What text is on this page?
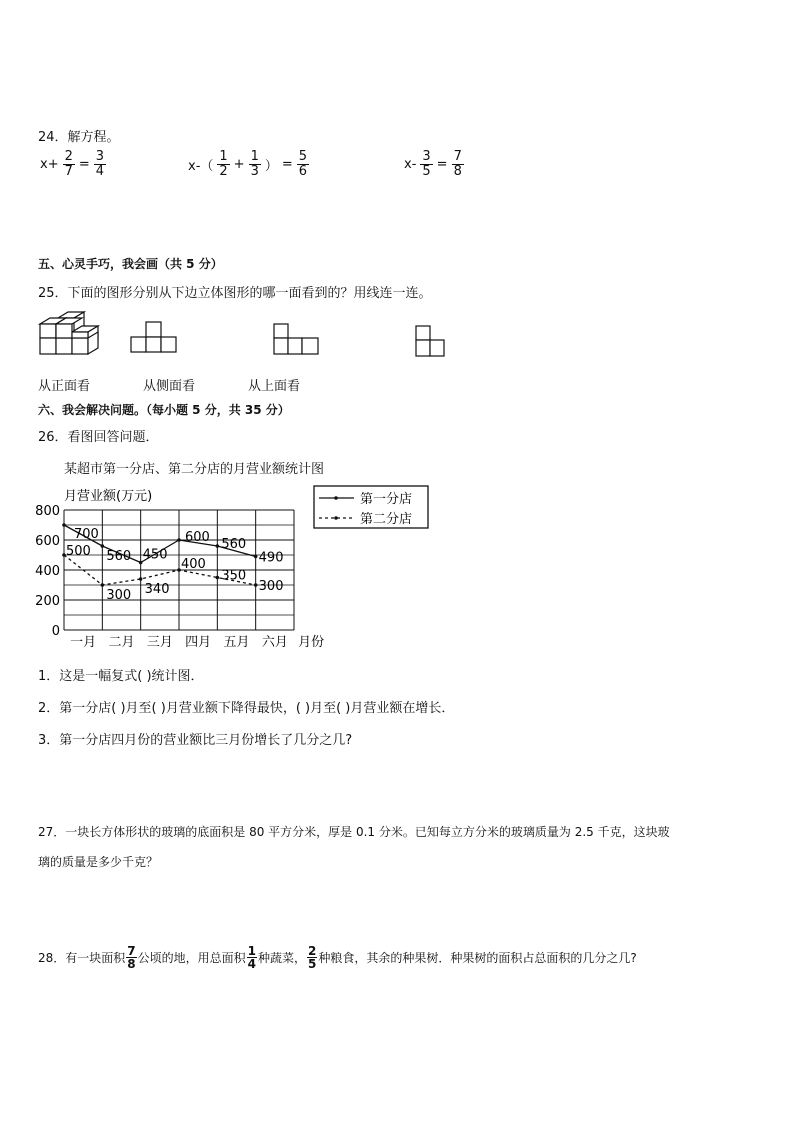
24．解方程。
$x+ \frac{2}{7} = \frac{3}{4}$	$x-( \frac{1}{2} + \frac{1}{3}$ ） = $\frac{5}{6}$	$x- \frac{3}{5} = \frac{7}{8}$
五、心灵手巧，我会画（共 5 分）
25．下面的图形分别从下边立体图形的哪一面看到的？用线连一连。
从正面看	从侧面看	从上面看
六、我会解决问题。（每小题 5 分，共 35 分）
26．看图回答问题．
某超市第一分店、第二分店的月营业额统计图
0
200
400
600
800
月营业额(万元)
一月 二月 三月 四月 五月 六月 月份
700
560 450
600 560
490
500
300 340
400
350
300
第一分店
第二分店
1．这是一幅复式( )统计图．
2．第一分店( )月至( )月营业额下降得最快，( )月至( )月营业额在增长．
3．第一分店四月份的营业额比三月份增长了几分之几?
27．一块长方体形状的玻璃的底面积是 80 平方分米，厚是 0.1 分米。已知每立方分米的玻璃质量为 2.5 千克，这块玻
璃的质量是多少千克？
28．有一块面积 $\frac{7}{8}$ 公顷的地，用总面积 $\frac{1}{4}$ 种蔬菜， $\frac{2}{5}$ 种粮食，其余的种果树．种果树的面积占总面积的几分之几?
